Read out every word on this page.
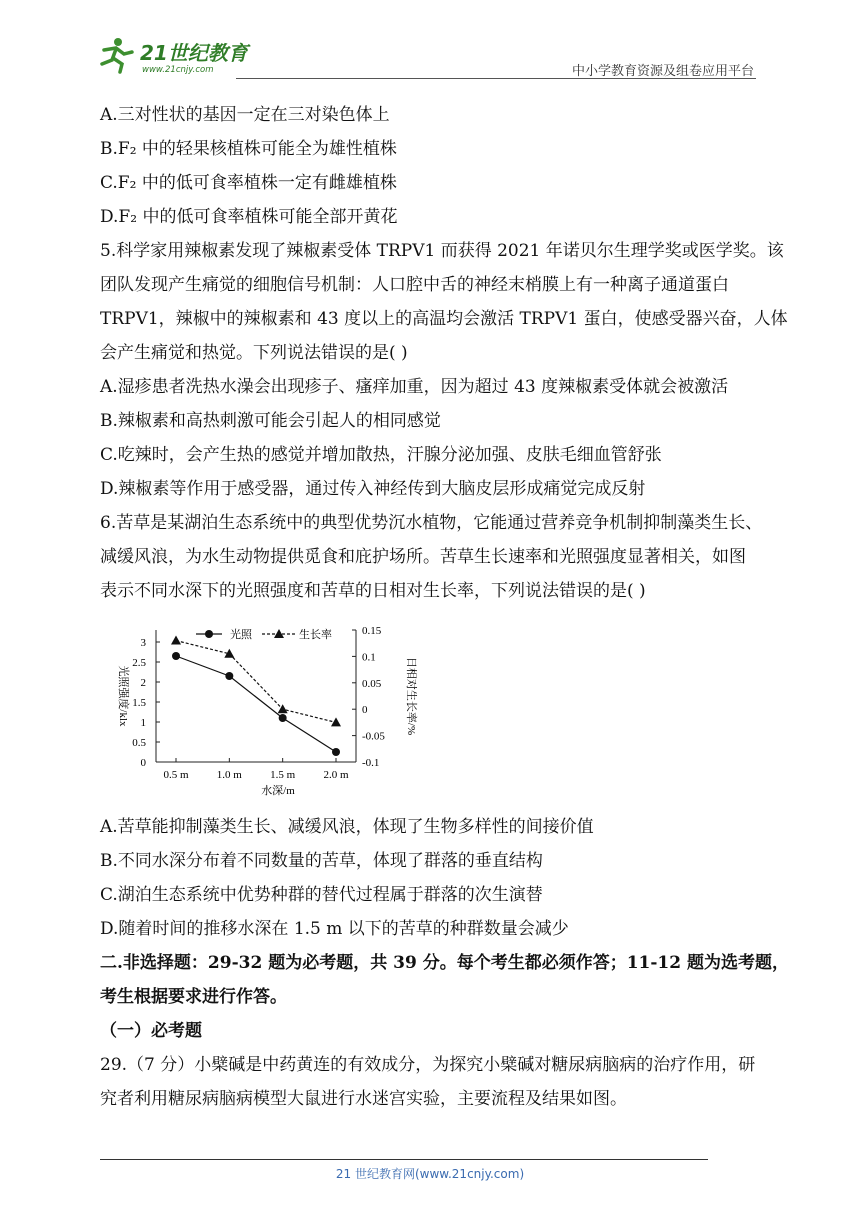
21世纪教育
www.21cnjy.com	中小学教育资源及组卷应用平台
A.三对性状的基因一定在三对染色体上
B.F₂ 中的轻果核植株可能全为雄性植株
C.F₂ 中的低可食率植株一定有雌雄植株
D.F₂ 中的低可食率植株可能全部开黄花
5.科学家用辣椒素发现了辣椒素受体 TRPV1 而获得 2021 年诺贝尔生理学奖或医学奖。该
团队发现产生痛觉的细胞信号机制：人口腔中舌的神经末梢膜上有一种离子通道蛋白
TRPV1，辣椒中的辣椒素和 43 度以上的高温均会激活 TRPV1 蛋白，使感受器兴奋，人体
会产生痛觉和热觉。下列说法错误的是( )
A.湿疹患者洗热水澡会出现疹子、瘙痒加重，因为超过 43 度辣椒素受体就会被激活
B.辣椒素和高热刺激可能会引起人的相同感觉
C.吃辣时，会产生热的感觉并增加散热，汗腺分泌加强、皮肤毛细血管舒张
D.辣椒素等作用于感受器，通过传入神经传到大脑皮层形成痛觉完成反射
6.苦草是某湖泊生态系统中的典型优势沉水植物，它能通过营养竞争机制抑制藻类生长、
减缓风浪，为水生动物提供觅食和庇护场所。苦草生长速率和光照强度显著相关，如图
表示不同水深下的光照强度和苦草的日相对生长率，下列说法错误的是( )
0
0.5
1
1.5
2
2.5
3
-0.1
-0.05
0
0.05
0.1
0.15
0.5 m	1.0 m	1.5 m	2.0 m
水深/m
光照强度/klx	日相对生长率/%
光照	生长率
A.苦草能抑制藻类生长、减缓风浪，体现了生物多样性的间接价值
B.不同水深分布着不同数量的苦草，体现了群落的垂直结构
C.湖泊生态系统中优势种群的替代过程属于群落的次生演替
D.随着时间的推移水深在 1.5 m 以下的苦草的种群数量会减少
二.非选择题：29-32 题为必考题，共 39 分。每个考生都必须作答；11-12 题为选考题，
考生根据要求进行作答。
（一）必考题
29.（7 分）小檗碱是中药黄连的有效成分，为探究小檗碱对糖尿病脑病的治疗作用，研
究者利用糖尿病脑病模型大鼠进行水迷宫实验，主要流程及结果如图。
21 世纪教育网(www.21cnjy.com)
